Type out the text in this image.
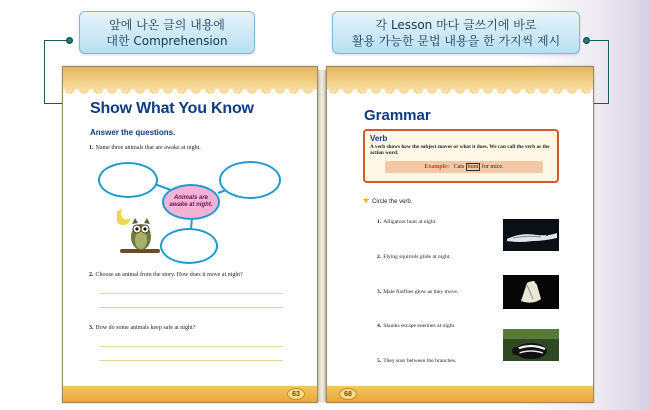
앞에 나온 글의 내용에
대한 Comprehension
각 Lesson 마다 글쓰기에 바로
활용 가능한 문법 내용을 한 가지씩 제시
Show What You Know
Answer the questions.
1. Name three animals that are awake at night.
Animals are
awake at night.
2. Choose an animal from the story. How does it move at night?
3. How do some animals keep safe at night?
63
Grammar
Verb
A verb shows how the subject moves or what it does. We can call the verb as the action word.
Example: Cats hunt for mice.
★ Circle the verb.
1. Alligators hunt at night.
2. Flying squirrels glide at night.
3. Male fireflies glow as they move.
4. Skunks escape enemies at night.
5. They soar between the branches.
68
